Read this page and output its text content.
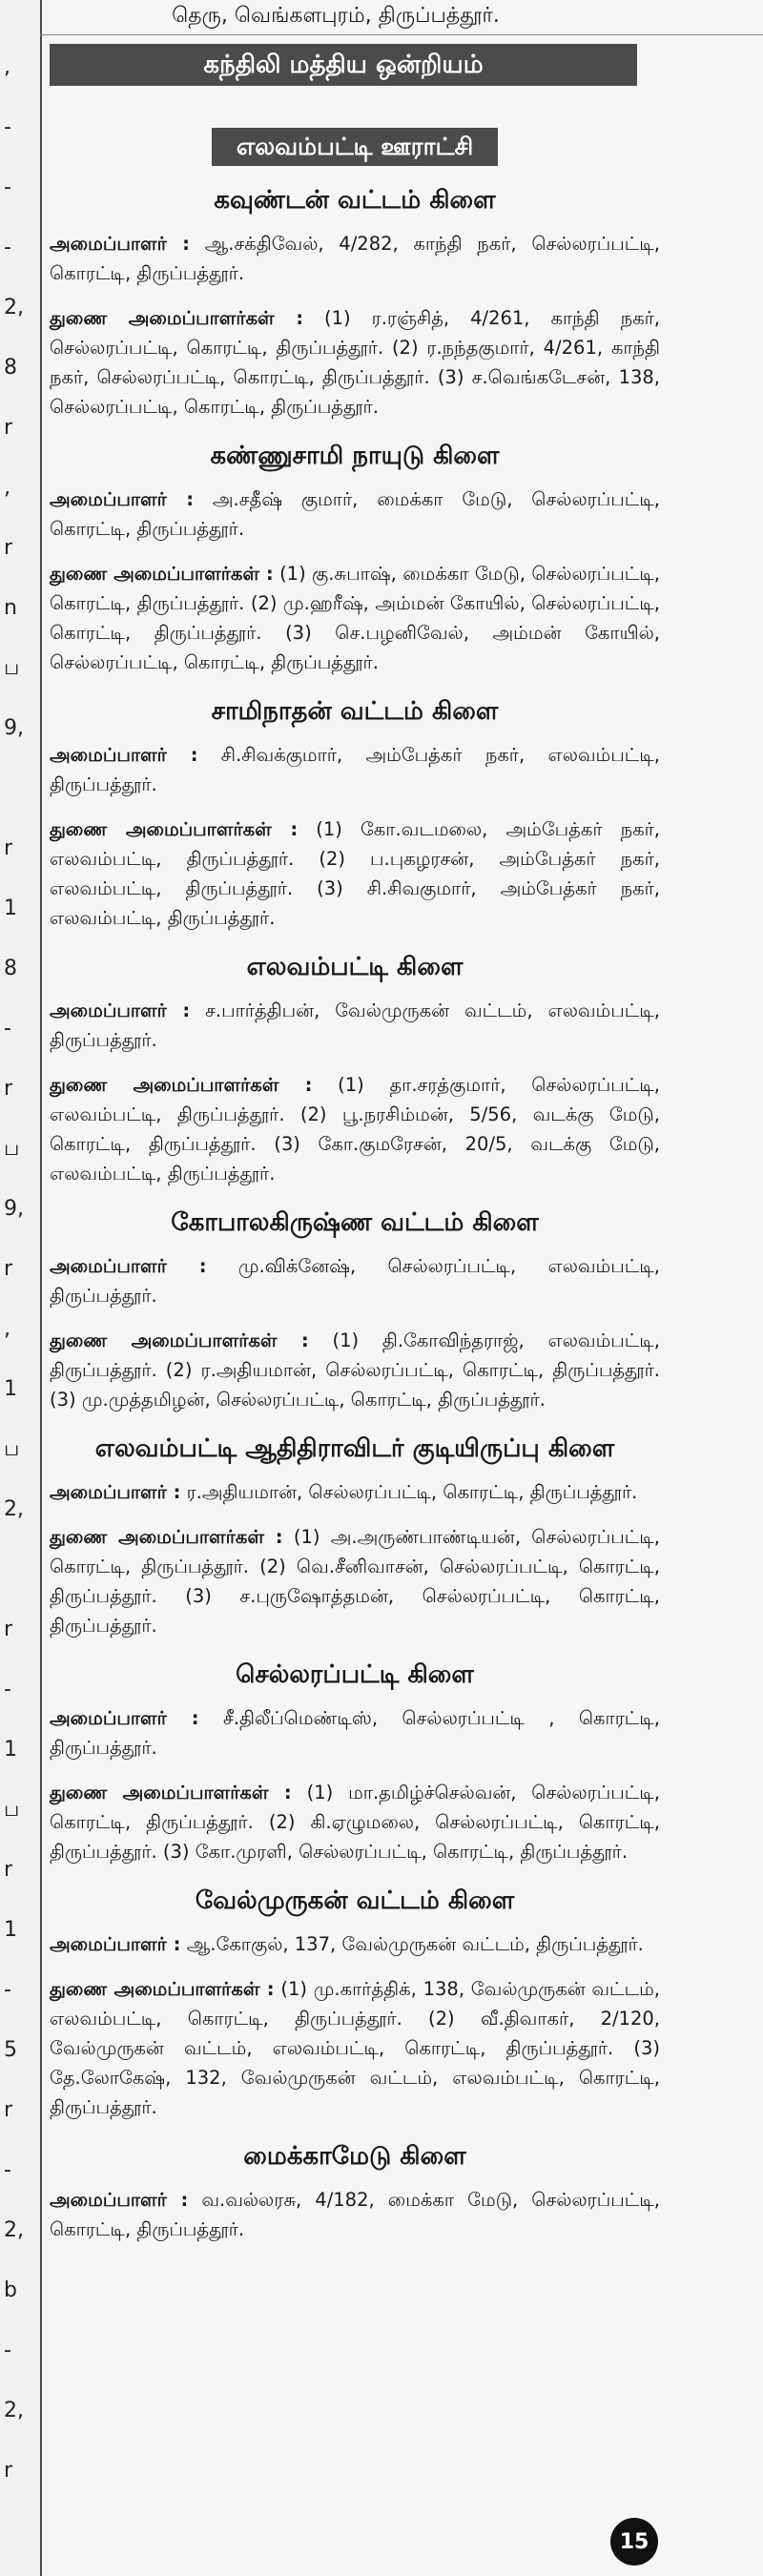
,
-
-
-
2,
8
r
,
r
n
ப
9,
r
1
8
-
r
ப
9,
r
,
1
ப
2,
r
-
1
ப
r
1
-
5
r
-
2,
b
-
2,
r
தெரு, வெங்களபுரம், திருப்பத்தூர்.
கந்திலி மத்திய ஒன்றியம்
எலவம்பட்டி ஊராட்சி
கவுண்டன் வட்டம் கிளை

அமைப்பாளர் : ஆ.சக்திவேல், 4/282, காந்தி நகர், செல்லரப்பட்டி, கொரட்டி, திருப்பத்தூர்.

துணை அமைப்பாளர்கள் : (1) ர.ரஞ்சித், 4/261, காந்தி நகர், செல்லரப்பட்டி, கொரட்டி, திருப்பத்தூர். (2) ர.நந்தகுமார், 4/261, காந்தி நகர், செல்லரப்பட்டி, கொரட்டி, திருப்பத்தூர். (3) ச.வெங்கடேசன், 138, செல்லரப்பட்டி, கொரட்டி, திருப்பத்தூர்.

கண்ணுசாமி நாயுடு கிளை

அமைப்பாளர் : அ.சதீஷ் குமார், மைக்கா மேடு, செல்லரப்பட்டி, கொரட்டி, திருப்பத்தூர்.

துணை அமைப்பாளர்கள் : (1) கு.சுபாஷ், மைக்கா மேடு, செல்லரப்பட்டி, கொரட்டி, திருப்பத்தூர். (2) மு.ஹரீஷ், அம்மன் கோயில், செல்லரப்பட்டி, கொரட்டி, திருப்பத்தூர். (3) செ.பழனிவேல், அம்மன் கோயில், செல்லரப்பட்டி, கொரட்டி, திருப்பத்தூர்.

சாமிநாதன் வட்டம் கிளை

அமைப்பாளர் : சி.சிவக்குமார், அம்பேத்கர் நகர், எலவம்பட்டி, திருப்பத்தூர்.

துணை அமைப்பாளர்கள் : (1) கோ.வடமலை, அம்பேத்கர் நகர், எலவம்பட்டி, திருப்பத்தூர். (2) ப.புகழரசன், அம்பேத்கர் நகர், எலவம்பட்டி, திருப்பத்தூர். (3) சி.சிவகுமார், அம்பேத்கர் நகர், எலவம்பட்டி, திருப்பத்தூர்.

எலவம்பட்டி கிளை

அமைப்பாளர் : ச.பார்த்திபன், வேல்முருகன் வட்டம், எலவம்பட்டி, திருப்பத்தூர்.

துணை அமைப்பாளர்கள் : (1) தா.சரத்குமார், செல்லரப்பட்டி, எலவம்பட்டி, திருப்பத்தூர். (2) பூ.நரசிம்மன், 5/56, வடக்கு மேடு, கொரட்டி, திருப்பத்தூர். (3) கோ.குமரேசன், 20/5, வடக்கு மேடு, எலவம்பட்டி, திருப்பத்தூர்.

கோபாலகிருஷ்ண வட்டம் கிளை

அமைப்பாளர் : மு.விக்னேஷ், செல்லரப்பட்டி, எலவம்பட்டி, திருப்பத்தூர்.

துணை அமைப்பாளர்கள் : (1) தி.கோவிந்தராஜ், எலவம்பட்டி, திருப்பத்தூர். (2) ர.அதியமான், செல்லரப்பட்டி, கொரட்டி, திருப்பத்தூர். (3) மு.முத்தமிழன், செல்லரப்பட்டி, கொரட்டி, திருப்பத்தூர்.

எலவம்பட்டி ஆதிதிராவிடர் குடியிருப்பு கிளை

அமைப்பாளர் : ர.அதியமான், செல்லரப்பட்டி, கொரட்டி, திருப்பத்தூர்.

துணை அமைப்பாளர்கள் : (1) அ.அருண்பாண்டியன், செல்லரப்பட்டி, கொரட்டி, திருப்பத்தூர். (2) வெ.சீனிவாசன், செல்லரப்பட்டி, கொரட்டி, திருப்பத்தூர். (3) ச.புருஷோத்தமன், செல்லரப்பட்டி, கொரட்டி, திருப்பத்தூர்.

செல்லரப்பட்டி கிளை

அமைப்பாளர் : சீ.திலீப்மெண்டிஸ், செல்லரப்பட்டி , கொரட்டி, திருப்பத்தூர்.

துணை அமைப்பாளர்கள் : (1) மா.தமிழ்ச்செல்வன், செல்லரப்பட்டி, கொரட்டி, திருப்பத்தூர். (2) கி.ஏழுமலை, செல்லரப்பட்டி, கொரட்டி, திருப்பத்தூர். (3) கோ.முரளி, செல்லரப்பட்டி, கொரட்டி, திருப்பத்தூர்.

வேல்முருகன் வட்டம் கிளை

அமைப்பாளர் : ஆ.கோகுல், 137, வேல்முருகன் வட்டம், திருப்பத்தூர்.

துணை அமைப்பாளர்கள் : (1) மு.கார்த்திக், 138, வேல்முருகன் வட்டம், எலவம்பட்டி, கொரட்டி, திருப்பத்தூர். (2) வீ.திவாகர், 2/120, வேல்முருகன் வட்டம், எலவம்பட்டி, கொரட்டி, திருப்பத்தூர். (3) தே.லோகேஷ், 132, வேல்முருகன் வட்டம், எலவம்பட்டி, கொரட்டி, திருப்பத்தூர்.

மைக்காமேடு கிளை

அமைப்பாளர் : வ.வல்லரசு, 4/182, மைக்கா மேடு, செல்லரப்பட்டி, கொரட்டி, திருப்பத்தூர்.

15
